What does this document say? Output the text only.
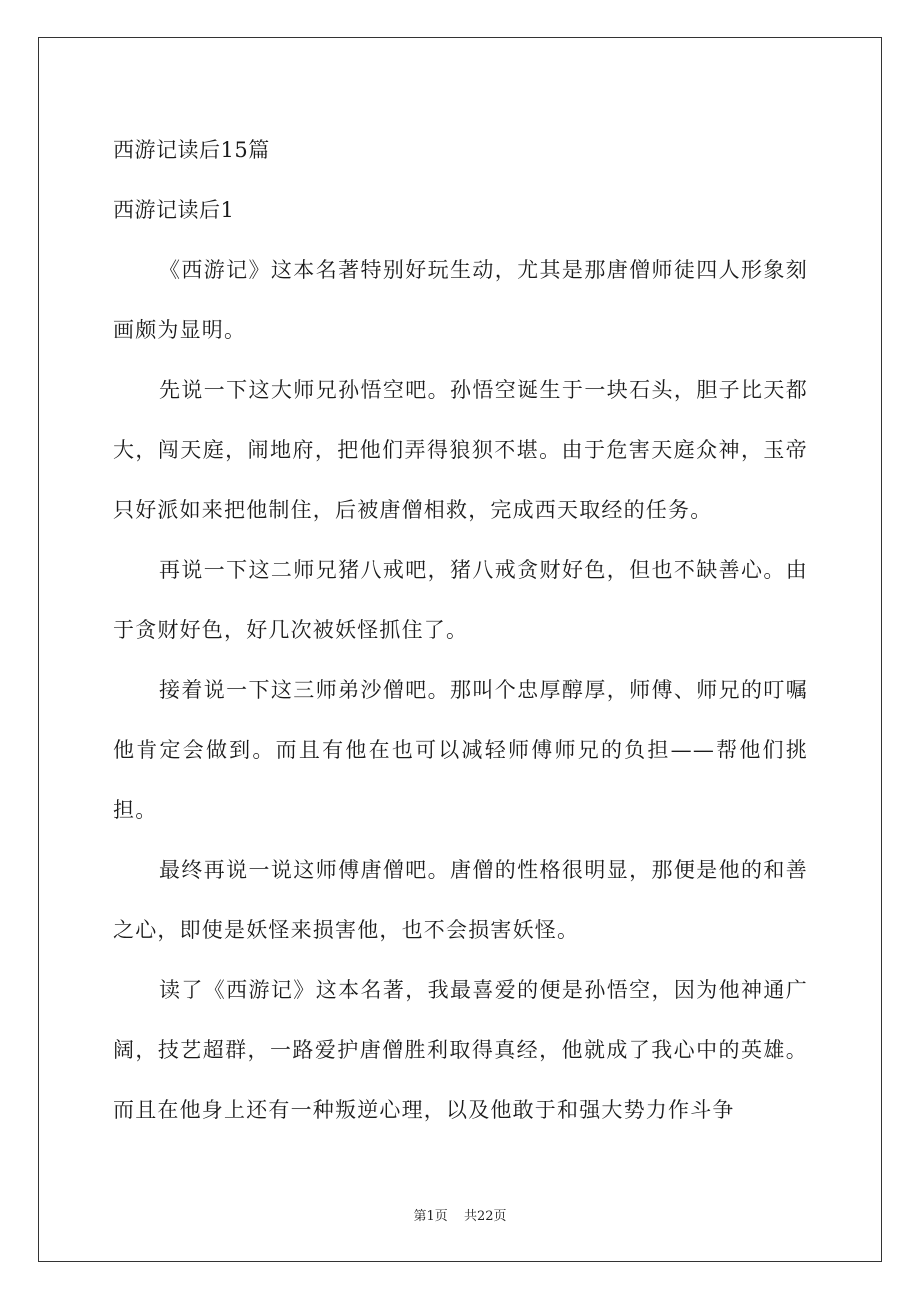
西游记读后15篇
西游记读后1

《西游记》这本名著特别好玩生动，尤其是那唐僧师徒四人形象刻画颇为显明。

先说一下这大师兄孙悟空吧。孙悟空诞生于一块石头，胆子比天都大，闯天庭，闹地府，把他们弄得狼狈不堪。由于危害天庭众神，玉帝只好派如来把他制住，后被唐僧相救，完成西天取经的任务。

再说一下这二师兄猪八戒吧，猪八戒贪财好色，但也不缺善心。由于贪财好色，好几次被妖怪抓住了。

接着说一下这三师弟沙僧吧。那叫个忠厚醇厚，师傅、师兄的叮嘱他肯定会做到。而且有他在也可以减轻师傅师兄的负担——帮他们挑担。

最终再说一说这师傅唐僧吧。唐僧的性格很明显，那便是他的和善之心，即使是妖怪来损害他，也不会损害妖怪。

读了《西游记》这本名著，我最喜爱的便是孙悟空，因为他神通广阔，技艺超群，一路爱护唐僧胜利取得真经，他就成了我心中的英雄。而且在他身上还有一种叛逆心理，以及他敢于和强大势力作斗争

第1页 共22页
